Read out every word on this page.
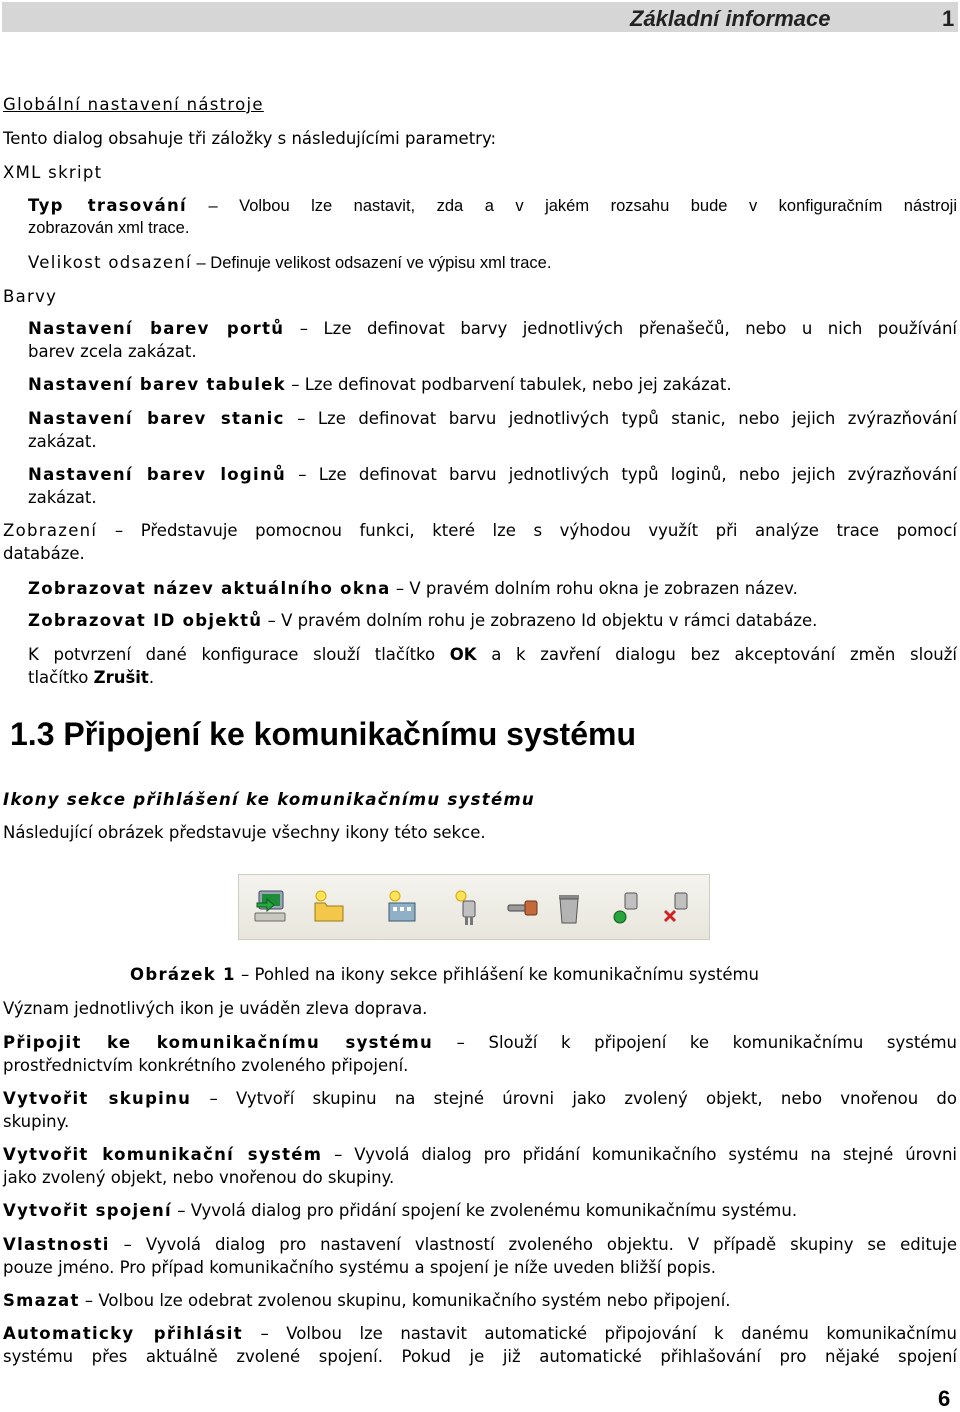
Základní informace	1
Globální nastavení nástroje
Tento dialog obsahuje tři záložky s následujícími parametry:
XML skript
Typ trasování – Volbou lze nastavit, zda a v jakém rozsahu bude v konfiguračním nástroji
zobrazován xml trace.
Velikost odsazení – Definuje velikost odsazení ve výpisu xml trace.
Barvy
Nastavení barev portů – Lze definovat barvy jednotlivých přenašečů, nebo u nich používání
barev zcela zakázat.
Nastavení barev tabulek – Lze definovat podbarvení tabulek, nebo jej zakázat.
Nastavení barev stanic – Lze definovat barvu jednotlivých typů stanic, nebo jejich zvýrazňování
zakázat.
Nastavení barev loginů – Lze definovat barvu jednotlivých typů loginů, nebo jejich zvýrazňování
zakázat.
Zobrazení – Představuje pomocnou funkci, které lze s výhodou využít při analýze trace pomocí
databáze.
Zobrazovat název aktuálního okna – V pravém dolním rohu okna je zobrazen název.
Zobrazovat ID objektů – V pravém dolním rohu je zobrazeno Id objektu v rámci databáze.
K potvrzení dané konfigurace slouží tlačítko OK a k zavření dialogu bez akceptování změn slouží
tlačítko Zrušit.
1.3 Připojení ke komunikačnímu systému
Ikony sekce přihlášení ke komunikačnímu systému
Následující obrázek představuje všechny ikony této sekce.
Obrázek 1 – Pohled na ikony sekce přihlášení ke komunikačnímu systému
Význam jednotlivých ikon je uváděn zleva doprava.
Připojit ke komunikačnímu systému – Slouží k připojení ke komunikačnímu systému
prostřednictvím konkrétního zvoleného připojení.
Vytvořit skupinu – Vytvoří skupinu na stejné úrovni jako zvolený objekt, nebo vnořenou do
skupiny.
Vytvořit komunikační systém – Vyvolá dialog pro přidání komunikačního systému na stejné úrovni
jako zvolený objekt, nebo vnořenou do skupiny.
Vytvořit spojení – Vyvolá dialog pro přidání spojení ke zvolenému komunikačnímu systému.
Vlastnosti – Vyvolá dialog pro nastavení vlastností zvoleného objektu. V případě skupiny se edituje
pouze jméno. Pro případ komunikačního systému a spojení je níže uveden bližší popis.
Smazat – Volbou lze odebrat zvolenou skupinu, komunikačního systém nebo připojení.
Automaticky přihlásit – Volbou lze nastavit automatické připojování k danému komunikačnímu
systému přes aktuálně zvolené spojení. Pokud je již automatické přihlašování pro nějaké spojení
6
